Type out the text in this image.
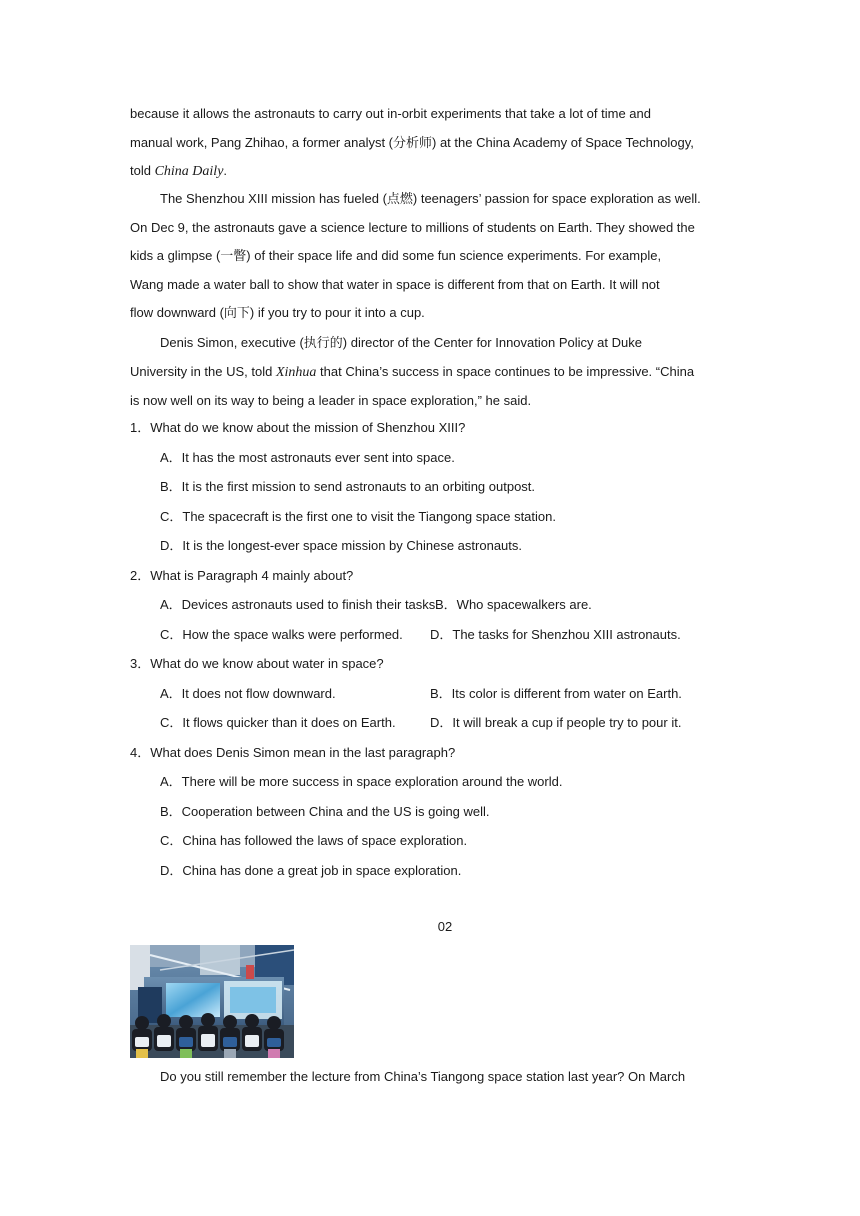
because it allows the astronauts to carry out in-orbit experiments that take a lot of time and
manual work, Pang Zhihao, a former analyst (分析师) at the China Academy of Space Technology,
told China Daily.
The Shenzhou XIII mission has fueled (点燃) teenagers’ passion for space exploration as well.
On Dec 9, the astronauts gave a science lecture to millions of students on Earth. They showed the
kids a glimpse (一瞥) of their space life and did some fun science experiments. For example,
Wang made a water ball to show that water in space is different from that on Earth. It will not
flow downward (向下) if you try to pour it into a cup.
Denis Simon, executive (执行的) director of the Center for Innovation Policy at Duke
University in the US, told Xinhua that China’s success in space continues to be impressive. “China
is now well on its way to being a leader in space exploration,” he said.
1．What do we know about the mission of Shenzhou XIII?
A．It has the most astronauts ever sent into space.
B．It is the first mission to send astronauts to an orbiting outpost.
C．The spacecraft is the first one to visit the Tiangong space station.
D．It is the longest-ever space mission by Chinese astronauts.
2．What is Paragraph 4 mainly about?
A．Devices astronauts used to finish their tasks.
B．Who spacewalkers are.
C．How the space walks were performed. D．The tasks for Shenzhou XIII astronauts.
3．What do we know about water in space?
A．It does not flow downward.	B．Its color is different from water on Earth.
C．It flows quicker than it does on Earth.	D．It will break a cup if people try to pour it.
4．What does Denis Simon mean in the last paragraph?
A．There will be more success in space exploration around the world.
B．Cooperation between China and the US is going well.
C．China has followed the laws of space exploration.
D．China has done a great job in space exploration.
02
Do you still remember the lecture from China’s Tiangong space station last year? On March
